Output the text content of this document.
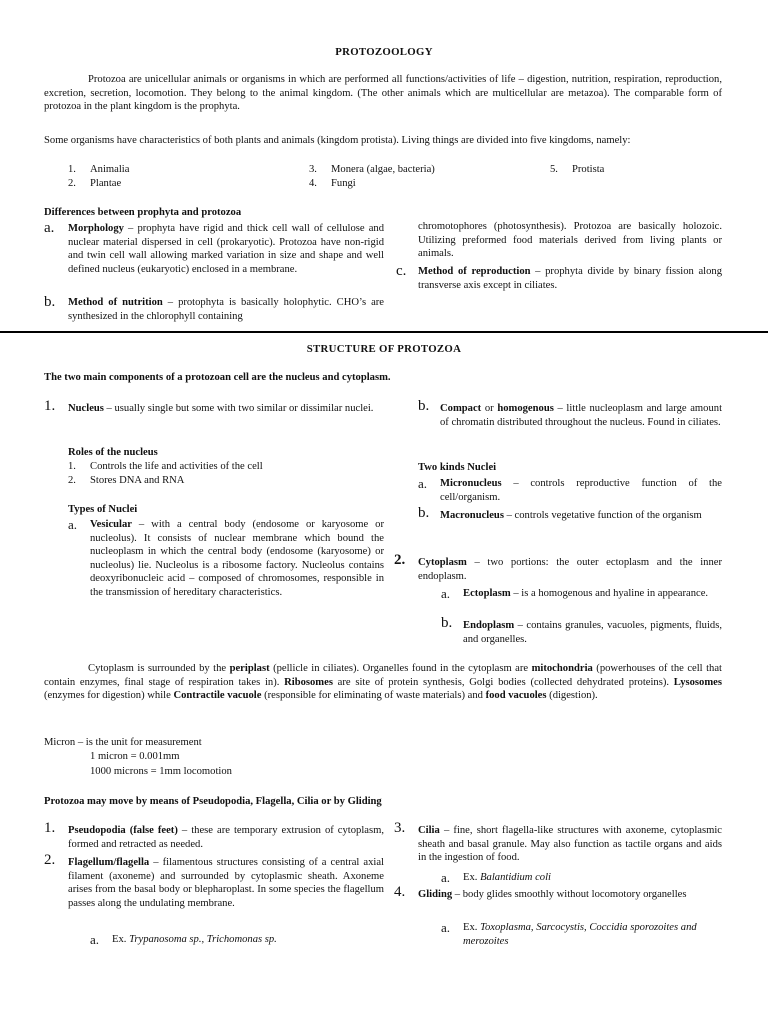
PROTOZOOLOGY
Protozoa are unicellular animals or organisms in which are performed all functions/activities of life – digestion, nutrition, respiration, reproduction, excretion, secretion, locomotion. They belong to the animal kingdom. (The other animals which are multicellular are metazoa). The comparable form of protozoa in the plant kingdom is the prophyta.
Some organisms have characteristics of both plants and animals (kingdom protista). Living things are divided into five kingdoms, namely:
1. Animalia
2. Plantae
3. Monera (algae, bacteria)
4. Fungi
5. Protista
Differences between prophyta and protozoa
a. Morphology – prophyta have rigid and thick cell wall of cellulose and nuclear material dispersed in cell (prokaryotic). Protozoa have non-rigid and twin cell wall allowing marked variation in size and shape and well defined nucleus (eukaryotic) enclosed in a membrane.
b. Method of nutrition – protophyta is basically holophytic. CHO’s are synthesized in the chlorophyll containing
chromotophores (photosynthesis). Protozoa are basically holozoic. Utilizing preformed food materials derived from living plants or animals.
c. Method of reproduction – prophyta divide by binary fission along transverse axis except in ciliates.
STRUCTURE OF PROTOZOA
The two main components of a protozoan cell are the nucleus and cytoplasm.
1. Nucleus – usually single but some with two similar or dissimilar nuclei.
Roles of the nucleus
1. Controls the life and activities of the cell
2. Stores DNA and RNA
Types of Nuclei
a. Vesicular – with a central body (endosome or karyosome or nucleolus). It consists of nuclear membrane which bound the nucleoplasm in which the central body (endosome (karyosome) or nucleolus) lie. Nucleolus is a ribosome factory. Nucleolus contains deoxyribonucleic acid – composed of chromosomes, responsible in the transmission of hereditary characteristics.
b. Compact or homogenous – little nucleoplasm and large amount of chromatin distributed throughout the nucleus. Found in ciliates.
Two kinds Nuclei
a. Micronucleus – controls reproductive function of the cell/organism.
b. Macronucleus – controls vegetative function of the organism
2. Cytoplasm – two portions: the outer ectoplasm and the inner endoplasm.
a. Ectoplasm – is a homogenous and hyaline in appearance.
b. Endoplasm – contains granules, vacuoles, pigments, fluids, and organelles.
Cytoplasm is surrounded by the periplast (pellicle in ciliates). Organelles found in the cytoplasm are mitochondria (powerhouses of the cell that contain enzymes, final stage of respiration takes in). Ribosomes are site of protein synthesis, Golgi bodies (collected dehydrated proteins). Lysosomes (enzymes for digestion) while Contractile vacuole (responsible for eliminating of waste materials) and food vacuoles (digestion).
Micron – is the unit for measurement
1 micron = 0.001mm
1000 microns = 1mm locomotion
Protozoa may move by means of Pseudopodia, Flagella, Cilia or by Gliding
1. Pseudopodia (false feet) – these are temporary extrusion of cytoplasm, formed and retracted as needed.
2. Flagellum/flagella – filamentous structures consisting of a central axial filament (axoneme) and surrounded by cytoplasmic sheath. Axoneme arises from the basal body or blepharoplast. In some species the flagellum passes along the undulating membrane.
a. Ex. Trypanosoma sp., Trichomonas sp.
3. Cilia – fine, short flagella-like structures with axoneme, cytoplasmic sheath and basal granule. May also function as tactile organs and aids in the ingestion of food.
a. Ex. Balantidium coli
4. Gliding – body glides smoothly without locomotory organelles
a. Ex. Toxoplasma, Sarcocystis, Coccidia sporozoites and merozoites
